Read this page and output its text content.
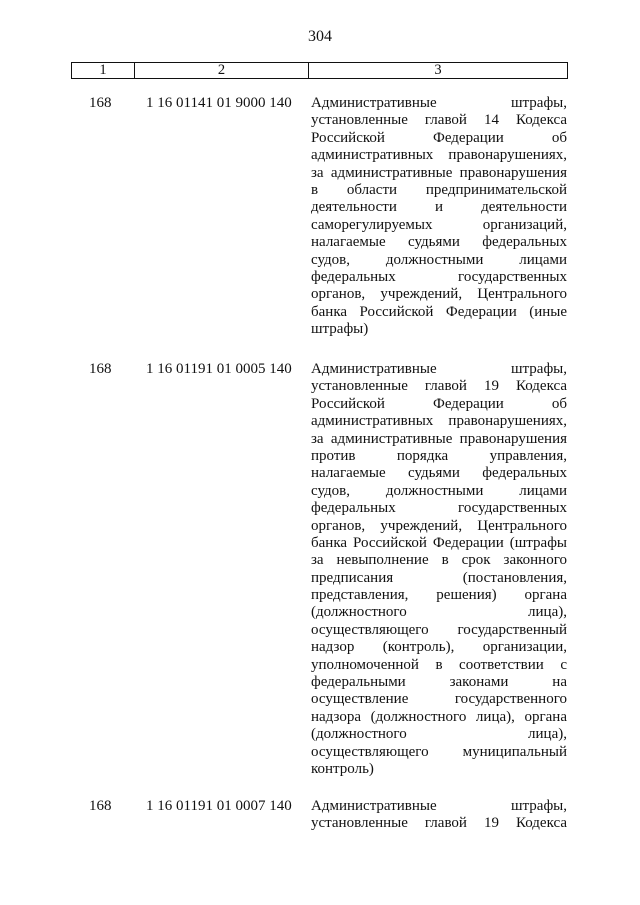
304
1	2	3
168 1 16 01141 01 9000 140 Административные штрафы,
установленные главой 14 Кодекса
Российской Федерации об
административных правонарушениях,
за административные правонарушения
в области предпринимательской
деятельности и деятельности
саморегулируемых организаций,
налагаемые судьями федеральных
судов, должностными лицами
федеральных государственных
органов, учреждений, Центрального
банка Российской Федерации (иные
штрафы)
168 1 16 01191 01 0005 140 Административные штрафы,
установленные главой 19 Кодекса
Российской Федерации об
административных правонарушениях,
за административные правонарушения
против порядка управления,
налагаемые судьями федеральных
судов, должностными лицами
федеральных государственных
органов, учреждений, Центрального
банка Российской Федерации (штрафы
за невыполнение в срок законного
предписания (постановления,
представления, решения) органа
(должностного лица),
осуществляющего государственный
надзор (контроль), организации,
уполномоченной в соответствии с
федеральными законами на
осуществление государственного
надзора (должностного лица), органа
(должностного лица),
осуществляющего муниципальный
контроль)
168 1 16 01191 01 0007 140 Административные штрафы,
установленные главой 19 Кодекса
